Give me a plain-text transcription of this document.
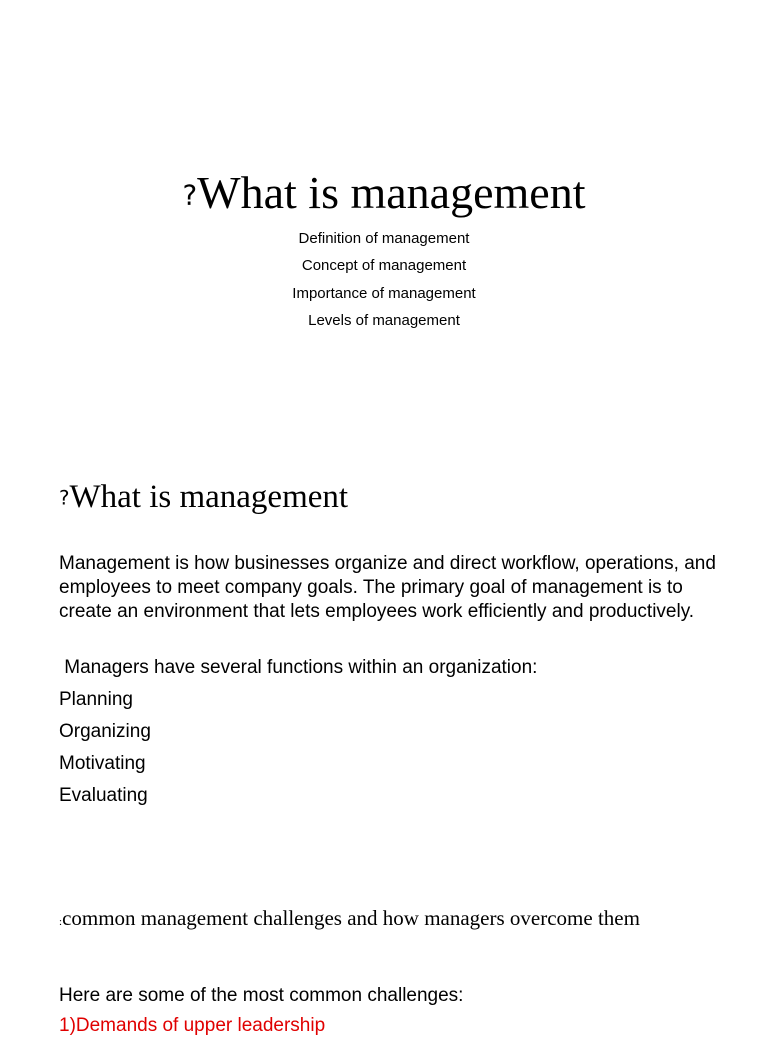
?What is management
Definition of management
Concept of management
Importance of management
Levels of management
?What is management

Management is how businesses organize and direct workflow, operations, and employees to meet company goals. The primary goal of management is to create an environment that lets employees work efficiently and productively.

Managers have several functions within an organization:

Planning
Organizing
Motivating
Evaluating
:common management challenges and how managers overcome them

Here are some of the most common challenges:

1)Demands of upper leadership
